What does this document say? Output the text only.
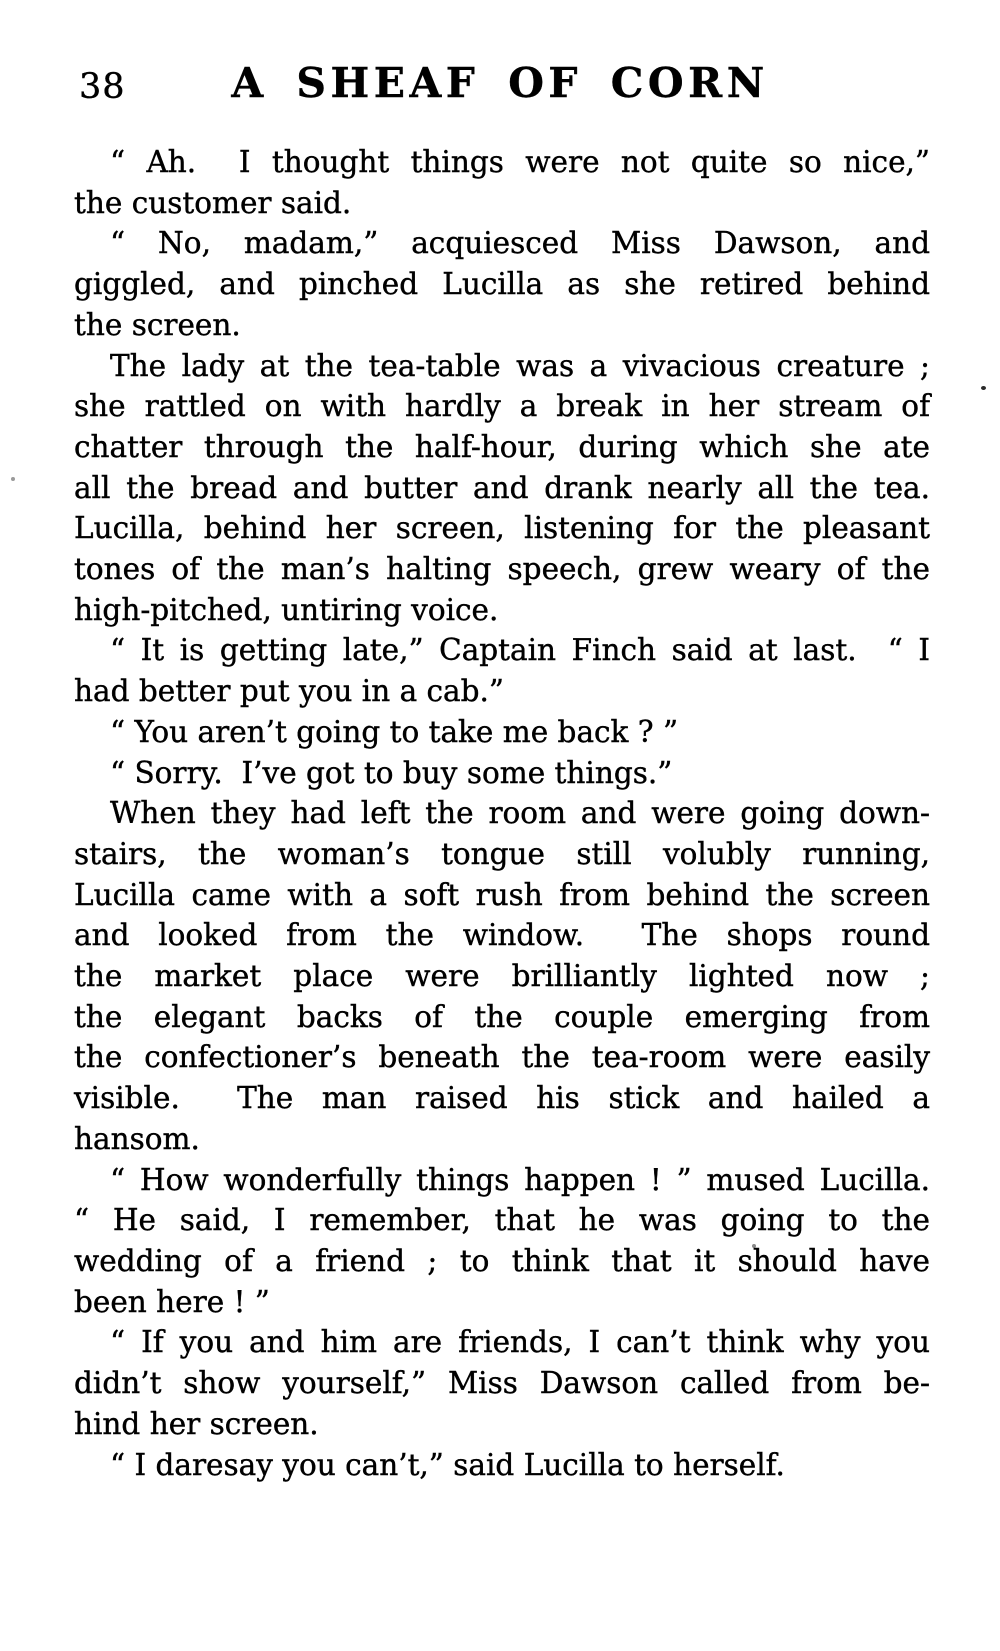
38	A SHEAF OF CORN
“ Ah.  I thought things were not quite so nice,”
the customer said.
“ No, madam,” acquiesced Miss Dawson, and
giggled, and pinched Lucilla as she retired behind
the screen.
The lady at the tea-table was a vivacious creature ;
she rattled on with hardly a break in her stream of
chatter through the half-hour, during which she ate
all the bread and butter and drank nearly all the tea.
Lucilla, behind her screen, listening for the pleasant
tones of the man’s halting speech, grew weary of the
high-pitched, untiring voice.
“ It is getting late,” Captain Finch said at last.  “ I
had better put you in a cab.”
“ You aren’t going to take me back ? ”
“ Sorry.  I’ve got to buy some things.”
When they had left the room and were going down-
stairs, the woman’s tongue still volubly running,
Lucilla came with a soft rush from behind the screen
and looked from the window.  The shops round
the market place were brilliantly lighted now ;
the elegant backs of the couple emerging from
the confectioner’s beneath the tea-room were easily
visible.  The man raised his stick and hailed a
hansom.
“ How wonderfully things happen ! ” mused Lucilla.
“ He said, I remember, that he was going to the
wedding of a friend ; to think that it should have
been here ! ”
“ If you and him are friends, I can’t think why you
didn’t show yourself,” Miss Dawson called from be-
hind her screen.
“ I daresay you can’t,” said Lucilla to herself.
